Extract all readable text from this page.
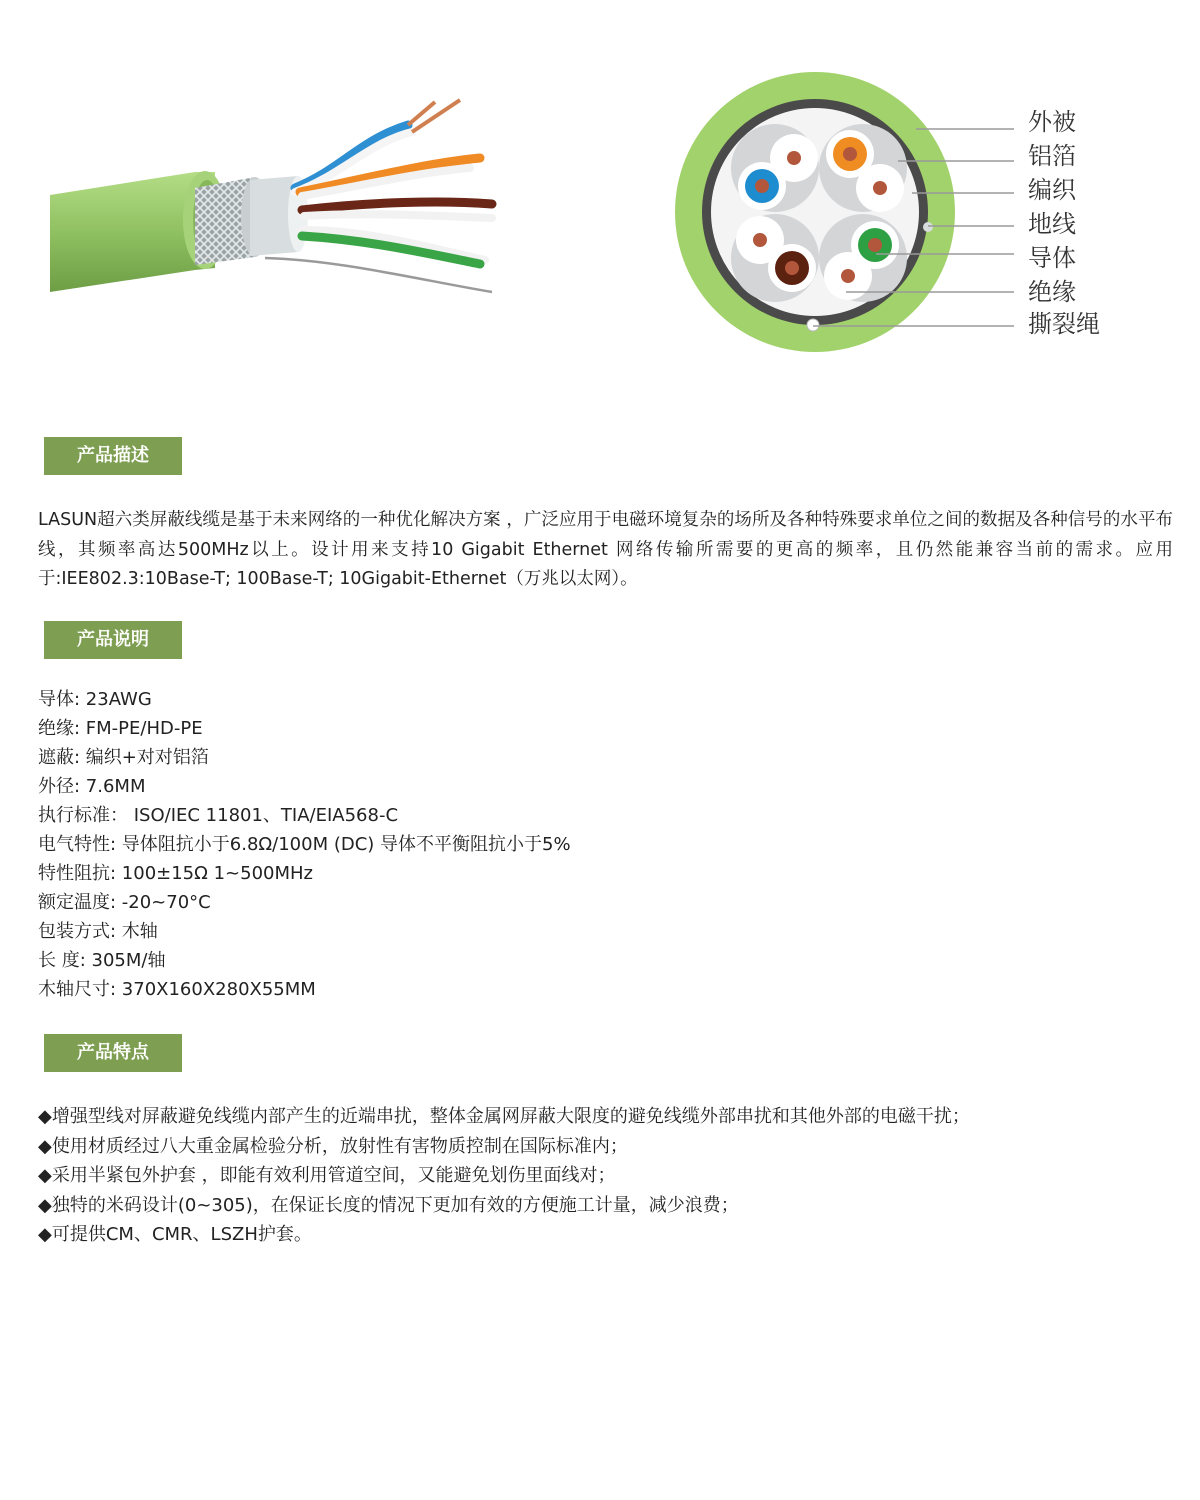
外被
铝箔
编织
地线
导体
绝缘
撕裂绳
产品描述
LASUN超六类屏蔽线缆是基于未来网络的一种优化解决方案 ，广泛应用于电磁环境复杂的场所及各种特殊要求单位之间的数据及各种信号的水平布线，其频率高达500MHz以上。设计用来支持10 Gigabit Ethernet 网络传输所需要的更高的频率，且仍然能兼容当前的需求。应用于:IEE802.3:10Base-T; 100Base-T; 10Gigabit-Ethernet（万兆以太网）。
产品说明
导体: 23AWG
绝缘: FM-PE/HD-PE
遮蔽: 编织+对对铝箔
外径: 7.6MM
执行标准： ISO/IEC 11801、TIA/EIA568-C
电气特性: 导体阻抗小于6.8Ω/100M (DC) 导体不平衡阻抗小于5%
特性阻抗: 100±15Ω 1~500MHz
额定温度: -20~70°C
包装方式: 木轴
长 度: 305M/轴
木轴尺寸: 370X160X280X55MM
产品特点
◆增强型线对屏蔽避免线缆内部产生的近端串扰，整体金属网屏蔽大限度的避免线缆外部串扰和其他外部的电磁干扰；
◆使用材质经过八大重金属检验分析，放射性有害物质控制在国际标准内；
◆采用半紧包外护套 ，即能有效利用管道空间，又能避免划伤里面线对；
◆独特的米码设计(0~305)，在保证长度的情况下更加有效的方便施工计量，减少浪费；
◆可提供CM、CMR、LSZH护套。
